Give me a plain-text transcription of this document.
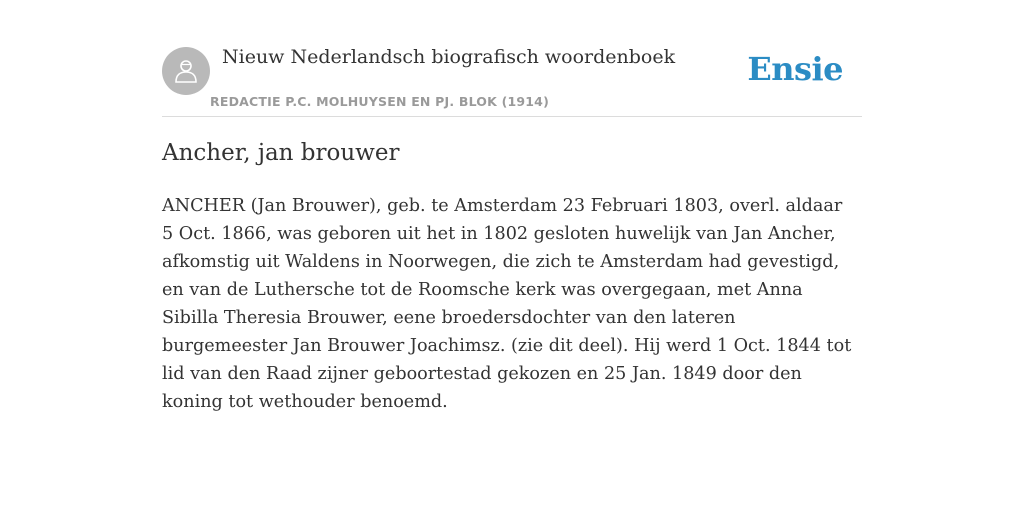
Nieuw Nederlandsch biografisch woordenboek
REDACTIE P.C. MOLHUYSEN EN PJ. BLOK (1914)
Ensie
Ancher, jan brouwer

ANCHER (Jan Brouwer), geb. te Amsterdam 23 Februari 1803, overl. aldaar 5 Oct. 1866, was geboren uit het in 1802 gesloten huwelijk van Jan Ancher, afkomstig uit Waldens in Noorwegen, die zich te Amsterdam had gevestigd, en van de Luthersche tot de Roomsche kerk was overgegaan, met Anna Sibilla Theresia Brouwer, eene broedersdochter van den lateren burgemeester Jan Brouwer Joachimsz. (zie dit deel). Hij werd 1 Oct. 1844 tot lid van den Raad zijner geboortestad gekozen en 25 Jan. 1849 door den koning tot wethouder benoemd.
